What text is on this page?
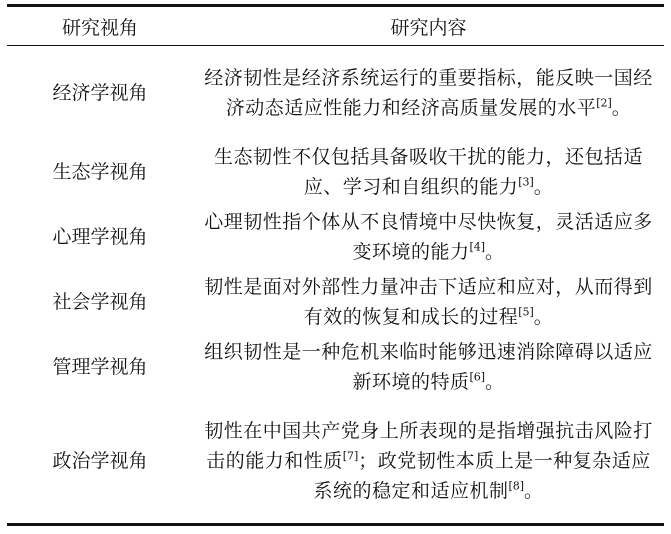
研究视角	研究内容
经济学视角	经济韧性是经济系统运行的重要指标，能反映一国经济动态适应性能力和经济高质量发展的水平[2]。
生态学视角	生态韧性不仅包括具备吸收干扰的能力，还包括适应、学习和自组织的能力[3]。
心理学视角	心理韧性指个体从不良情境中尽快恢复，灵活适应多变环境的能力[4]。
社会学视角	韧性是面对外部性力量冲击下适应和应对，从而得到有效的恢复和成长的过程[5]。
管理学视角	组织韧性是一种危机来临时能够迅速消除障碍以适应新环境的特质[6]。
政治学视角	韧性在中国共产党身上所表现的是指增强抗击风险打击的能力和性质[7]；政党韧性本质上是一种复杂适应系统的稳定和适应机制[8]。
